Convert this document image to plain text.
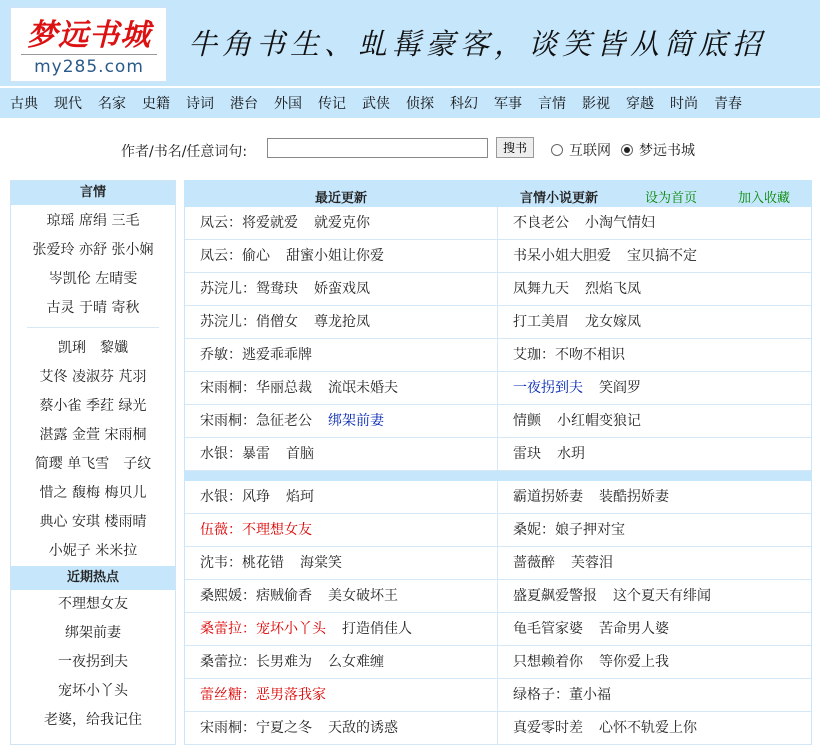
梦远书城
my285.com
牛角书生、虬髯豪客，谈笑皆从简底招
古典 现代 名家 史籍 诗词 港台 外国 传记 武侠 侦探 科幻 军事 言情 影视 穿越 时尚 青春
作者/书名/任意词句:	搜书	互联网 梦远书城
言情
琼瑶 席绢 三毛
张爱玲 亦舒 张小娴
岑凯伦 左晴雯
古灵 于晴 寄秋
凯琍　黎孅
艾佟 凌淑芬 芃羽
蔡小雀 季荭 绿光
湛露 金萱 宋雨桐
简璎 单飞雪　子纹
惜之 馥梅 梅贝儿
典心 安琪 楼雨晴
小妮子 米米拉
近期热点
不理想女友
绑架前妻
一夜拐到夫
宠坏小丫头
老婆，给我记住
最近更新	言情小说更新	设为首页	加入收藏
凤云：将爱就爱 就爱克你	不良老公 小淘气情妇
凤云：偷心 甜蜜小姐让你爱	书呆小姐大胆爱 宝贝搞不定
苏浣儿：鸳鸯玦 娇蛮戏凤	凤舞九天 烈焰飞凤
苏浣儿：俏僧女 尊龙抢凤	打工美眉 龙女嫁凤
乔敏：逃爱乖乖牌	艾珈：不吻不相识
宋雨桐：华丽总裁 流氓未婚夫	一夜拐到夫 笑阎罗
宋雨桐：急征老公 绑架前妻	情颤 小红帽变狼记
水银：暴雷 首脑	雷玦 水玥
水银：风琤 焰珂	霸道拐娇妻 装酷拐娇妻
伍薇：不理想女友	桑妮：娘子押对宝
沈韦：桃花错 海棠笑	蔷薇醉 芙蓉泪
桑熙媛：痞贼偷香 美女破坏王	盛夏飙爱警报 这个夏天有绯闻
桑蕾拉：宠坏小丫头 打造俏佳人	龟毛管家婆 苦命男人婆
桑蕾拉：长男难为 么女难缠	只想赖着你 等你爱上我
蕾丝糖：恶男落我家	绿格子：董小福
宋雨桐：宁夏之冬 天敌的诱惑	真爱零时差 心怀不轨爱上你
